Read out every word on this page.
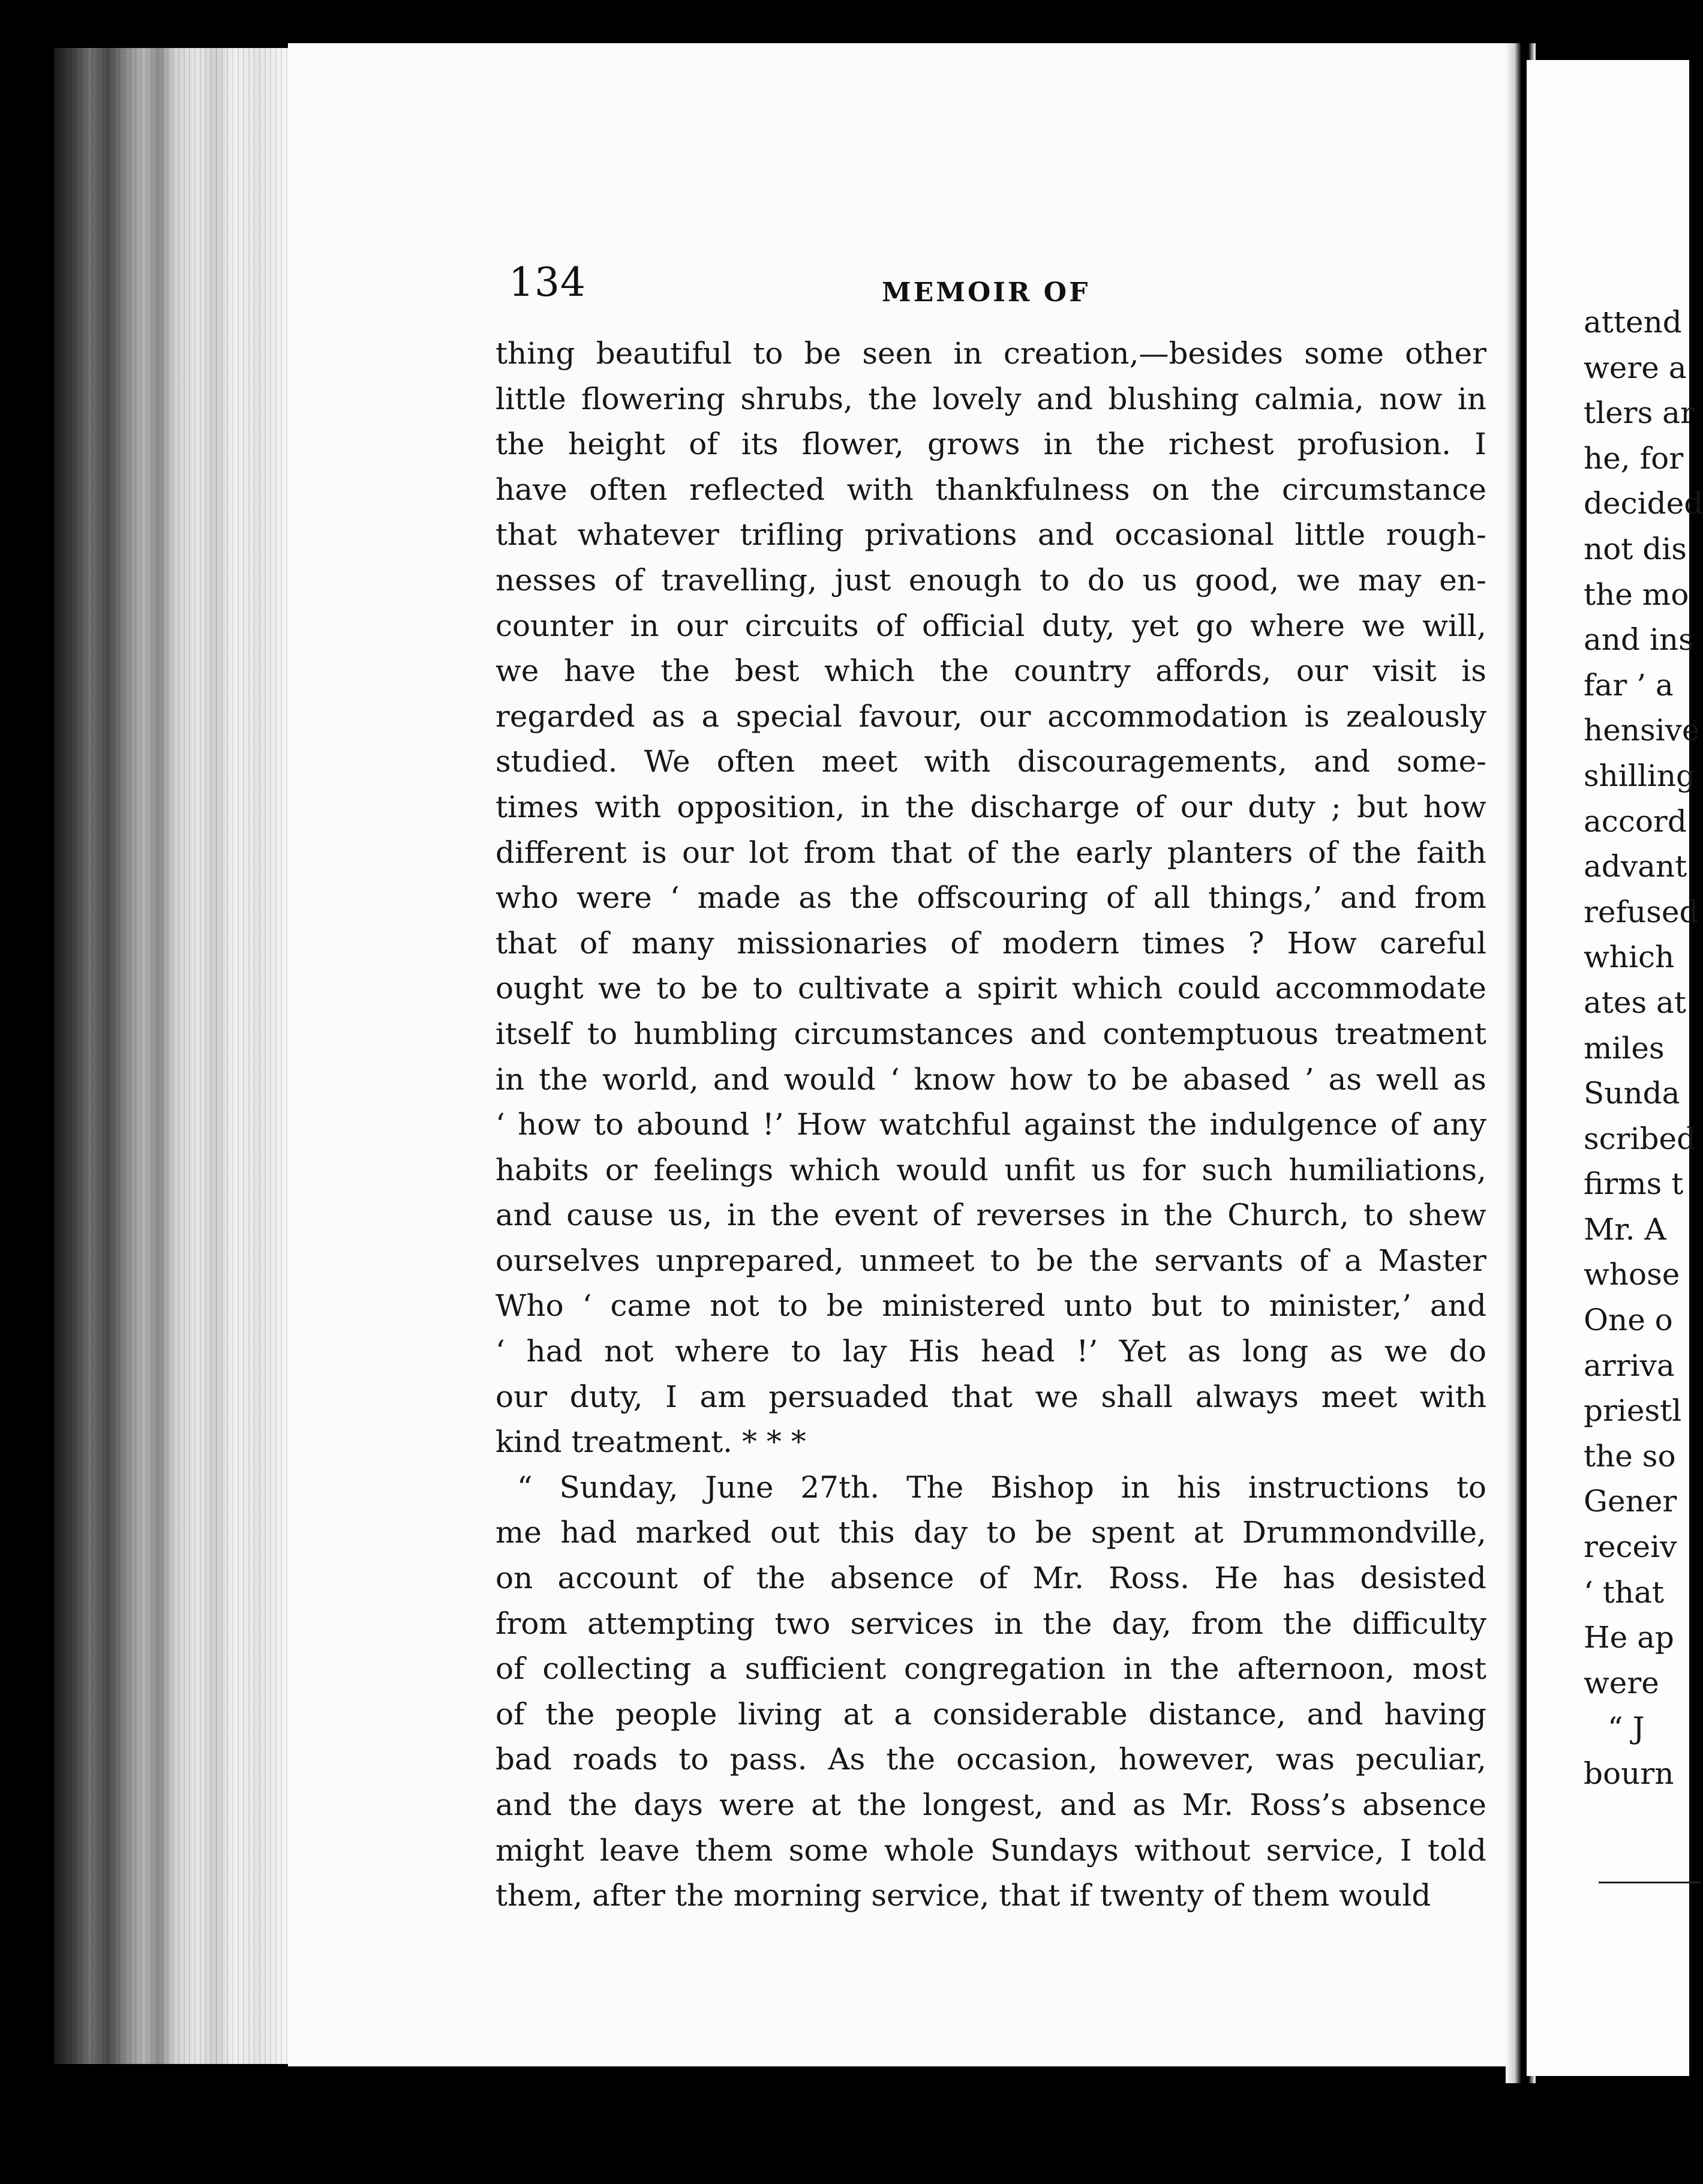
134	MEMOIR OF
thing beautiful to be seen in creation,—besides some other
little flowering shrubs, the lovely and blushing calmia, now in
the height of its flower, grows in the richest profusion. I
have often reflected with thankfulness on the circumstance
that whatever trifling privations and occasional little rough-
nesses of travelling, just enough to do us good, we may en-
counter in our circuits of official duty, yet go where we will,
we have the best which the country affords, our visit is
regarded as a special favour, our accommodation is zealously
studied. We often meet with discouragements, and some-
times with opposition, in the discharge of our duty ; but how
different is our lot from that of the early planters of the faith
who were ‘ made as the offscouring of all things,’ and from
that of many missionaries of modern times ? How careful
ought we to be to cultivate a spirit which could accommodate
itself to humbling circumstances and contemptuous treatment
in the world, and would ‘ know how to be abased ’ as well as
‘ how to abound !’ How watchful against the indulgence of any
habits or feelings which would unfit us for such humiliations,
and cause us, in the event of reverses in the Church, to shew
ourselves unprepared, unmeet to be the servants of a Master
Who ‘ came not to be ministered unto but to minister,’ and
‘ had not where to lay His head !’ Yet as long as we do
our duty, I am persuaded that we shall always meet with
kind treatment. * * *
“ Sunday, June 27th. The Bishop in his instructions to
me had marked out this day to be spent at Drummondville,
on account of the absence of Mr. Ross. He has desisted
from attempting two services in the day, from the difficulty
of collecting a sufficient congregation in the afternoon, most
of the people living at a considerable distance, and having
bad roads to pass. As the occasion, however, was peculiar,
and the days were at the longest, and as Mr. Ross’s absence
might leave them some whole Sundays without service, I told
them, after the morning service, that if twenty of them would
attend
were a
tlers ar
he, for
decided
not dis
the mo
and ins
far ’ a
hensive
shilling
accord
advant
refused
which
ates at
miles
Sunda
scribed
firms t
Mr. A
whose
One o
arriva
priestl
the so
Gener
receiv
‘ that
He ap
were
“ J
bourn
